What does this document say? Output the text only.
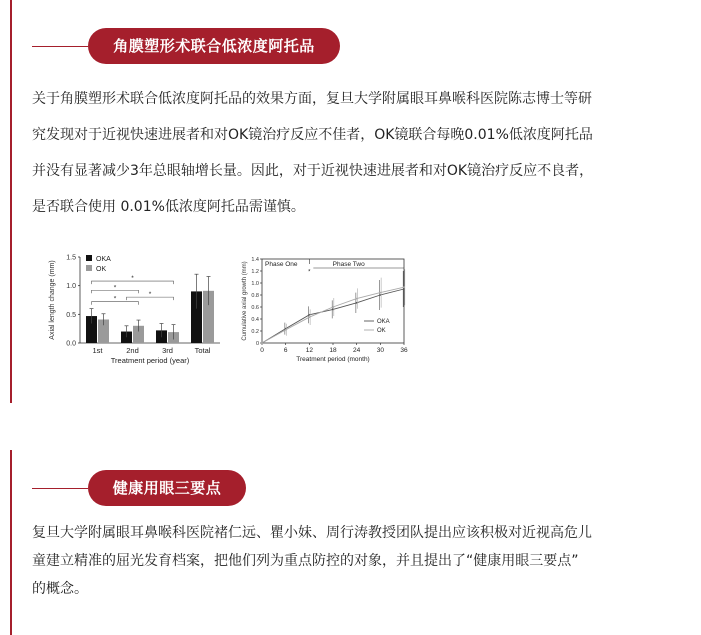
角膜塑形术联合低浓度阿托品
关于角膜塑形术联合低浓度阿托品的效果方面，复旦大学附属眼耳鼻喉科医院陈志博士等研
究发现对于近视快速进展者和对OK镜治疗反应不佳者，OK镜联合每晚0.01%低浓度阿托品
并没有显著减少3年总眼轴增长量。因此，对于近视快速进展者和对OK镜治疗反应不良者，
是否联合使用 0.01%低浓度阿托品需谨慎。
0.0
0.5
1.0
1.5
Axial length change (mm)
1st	2nd	3rd	Total
*
*
*
*
OKA
OK
Treatment period (year)
0
0.2
0.4
0.6
0.8
1.0
1.2
1.4
0	6	12	18	24	30	36
Cumulative axial growth (mm)
Treatment period (month)
Phase One	Phase Two
*
OKA
OK
健康用眼三要点
复旦大学附属眼耳鼻喉科医院褚仁远、瞿小妹、周行涛教授团队提出应该积极对近视高危儿
童建立精准的屈光发育档案，把他们列为重点防控的对象，并且提出了“健康用眼三要点”
的概念。
